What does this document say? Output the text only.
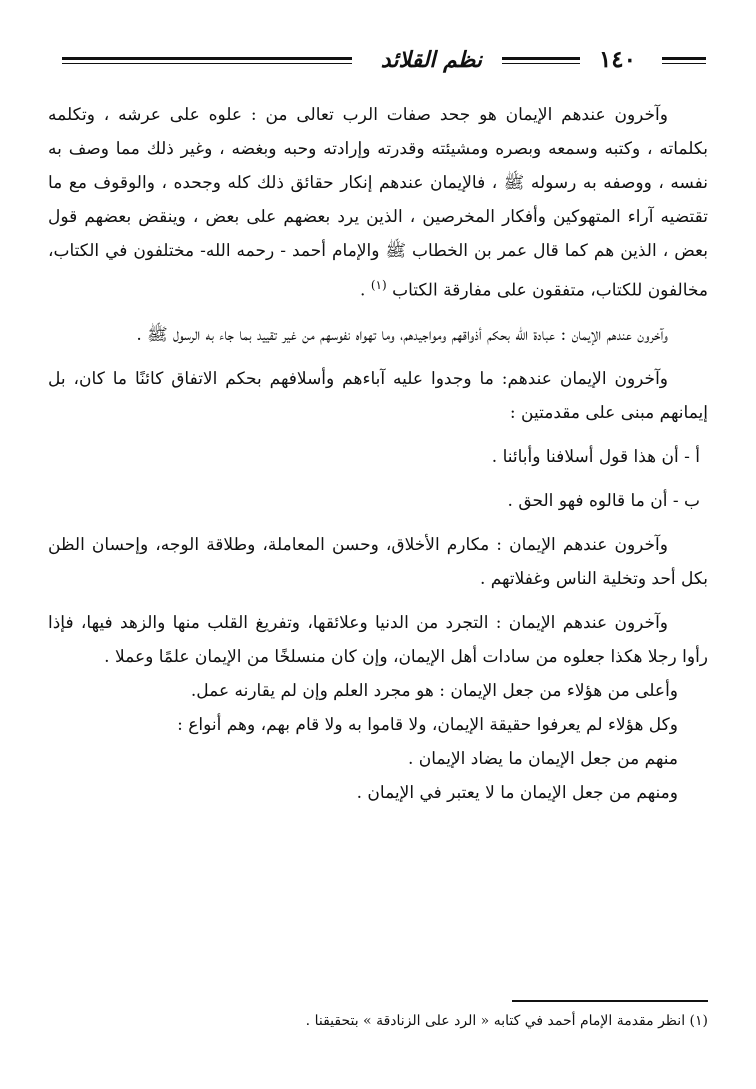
١٤٠
نظم القلائد

وآخرون عندهم الإيمان هو جحد صفات الرب تعالى من : علوه على عرشه ، وتكلمه بكلماته ، وكتبه وسمعه وبصره ومشيئته وقدرته وإرادته وحبه وبغضه ، وغير ذلك مما وصف به نفسه ، ووصفه به رسوله ﷺ ، فالإيمان عندهم إنكار حقائق ذلك كله وجحده ، والوقوف مع ما تقتضيه آراء المتهوكين وأفكار المخرصين ، الذين يرد بعضهم على بعض ، وينقض بعضهم قول بعض ، الذين هم كما قال عمر بن الخطاب ﷺ والإمام أحمد - رحمه الله- مختلفون في الكتاب، مخالفون للكتاب، متفقون على مفارقة الكتاب $^{(١)}$ .

وآخرون عندهم الإيمان : عبادة الله بحكم أذواقهم ومواجيدهم، وما تهواه نفوسهم من غير تقييد بما جاء به الرسول ﷺ .

وآخرون الإيمان عندهم: ما وجدوا عليه آباءهم وأسلافهم بحكم الاتفاق كائنًا ما كان، بل إيمانهم مبنى على مقدمتين :

أ - أن هذا قول أسلافنا وأبائنا .

ب - أن ما قالوه فهو الحق .

وآخرون عندهم الإيمان : مكارم الأخلاق، وحسن المعاملة، وطلاقة الوجه، وإحسان الظن بكل أحد وتخلية الناس وغفلاتهم .

وآخرون عندهم الإيمان : التجرد من الدنيا وعلائقها، وتفريغ القلب منها والزهد فيها، فإذا رأوا رجلا هكذا جعلوه من سادات أهل الإيمان، وإن كان منسلخًا من الإيمان علمًا وعملا .

وأعلى من هؤلاء من جعل الإيمان : هو مجرد العلم وإن لم يقارنه عمل.

وكل هؤلاء لم يعرفوا حقيقة الإيمان، ولا قاموا به ولا قام بهم، وهم أنواع :

منهم من جعل الإيمان ما يضاد الإيمان .

ومنهم من جعل الإيمان ما لا يعتبر في الإيمان .

(١) انظر مقدمة الإمام أحمد في كتابه « الرد على الزنادقة » بتحقيقنا .
